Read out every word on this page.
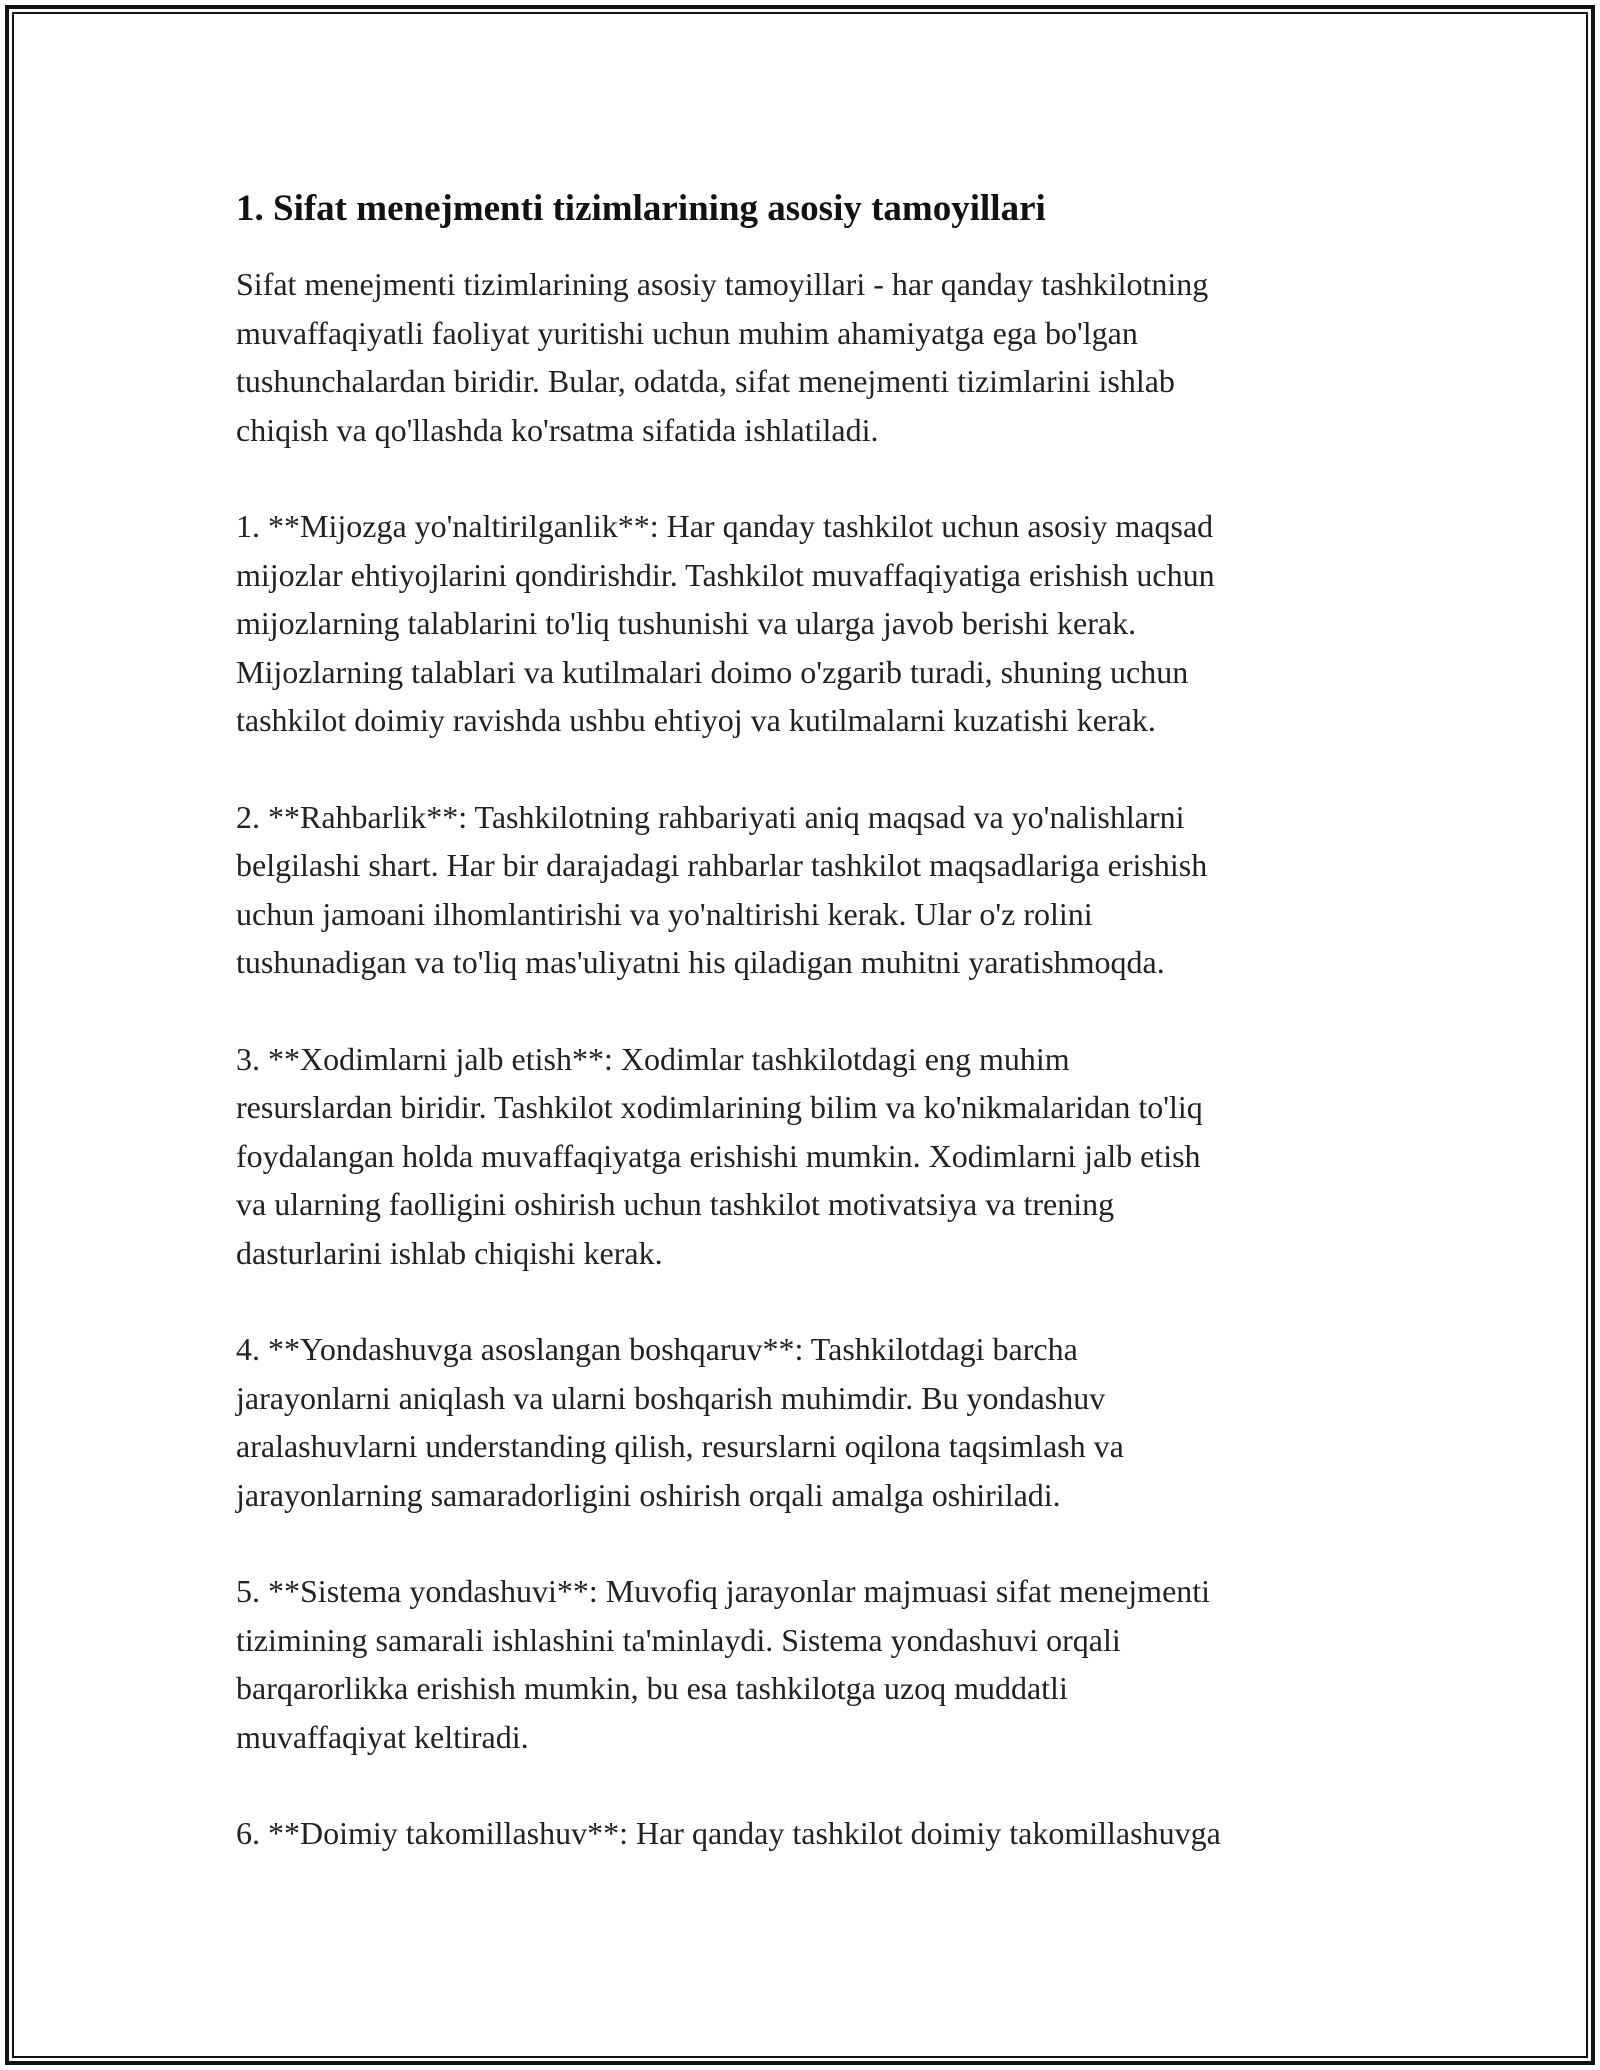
1. Sifat menejmenti tizimlarining asosiy tamoyillari

Sifat menejmenti tizimlarining asosiy tamoyillari - har qanday tashkilotning
muvaffaqiyatli faoliyat yuritishi uchun muhim ahamiyatga ega bo'lgan
tushunchalardan biridir. Bular, odatda, sifat menejmenti tizimlarini ishlab
chiqish va qo'llashda ko'rsatma sifatida ishlatiladi.

1. **Mijozga yo'naltirilganlik**: Har qanday tashkilot uchun asosiy maqsad
mijozlar ehtiyojlarini qondirishdir. Tashkilot muvaffaqiyatiga erishish uchun
mijozlarning talablarini to'liq tushunishi va ularga javob berishi kerak.
Mijozlarning talablari va kutilmalari doimo o'zgarib turadi, shuning uchun
tashkilot doimiy ravishda ushbu ehtiyoj va kutilmalarni kuzatishi kerak.

2. **Rahbarlik**: Tashkilotning rahbariyati aniq maqsad va yo'nalishlarni
belgilashi shart. Har bir darajadagi rahbarlar tashkilot maqsadlariga erishish
uchun jamoani ilhomlantirishi va yo'naltirishi kerak. Ular o'z rolini
tushunadigan va to'liq mas'uliyatni his qiladigan muhitni yaratishmoqda.

3. **Xodimlarni jalb etish**: Xodimlar tashkilotdagi eng muhim
resurslardan biridir. Tashkilot xodimlarining bilim va ko'nikmalaridan to'liq
foydalangan holda muvaffaqiyatga erishishi mumkin. Xodimlarni jalb etish
va ularning faolligini oshirish uchun tashkilot motivatsiya va trening
dasturlarini ishlab chiqishi kerak.

4. **Yondashuvga asoslangan boshqaruv**: Tashkilotdagi barcha
jarayonlarni aniqlash va ularni boshqarish muhimdir. Bu yondashuv
aralashuvlarni understanding qilish, resurslarni oqilona taqsimlash va
jarayonlarning samaradorligini oshirish orqali amalga oshiriladi.

5. **Sistema yondashuvi**: Muvofiq jarayonlar majmuasi sifat menejmenti
tizimining samarali ishlashini ta'minlaydi. Sistema yondashuvi orqali
barqarorlikka erishish mumkin, bu esa tashkilotga uzoq muddatli
muvaffaqiyat keltiradi.

6. **Doimiy takomillashuv**: Har qanday tashkilot doimiy takomillashuvga
